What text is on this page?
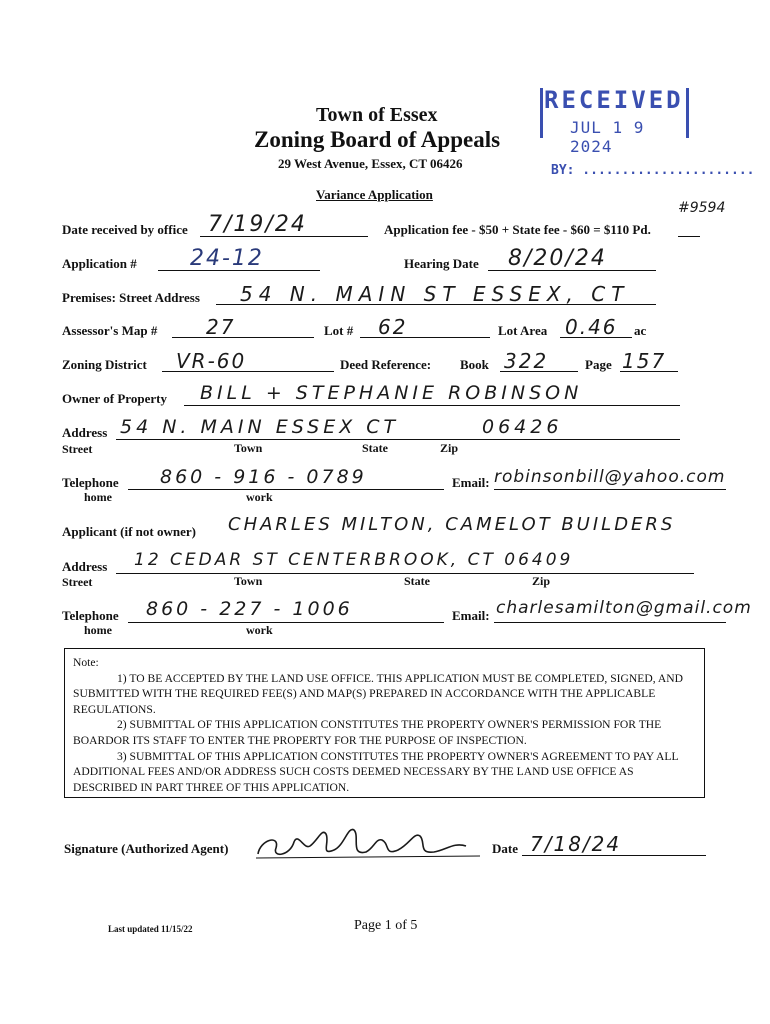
Town of Essex
Zoning Board of Appeals
29 West Avenue, Essex, CT 06426
Variance Application
RECEIVED
JUL 1 9 2024
BY: ......................
Date received by office 7/19/24	Application fee - $50 + State fee - $60 = $110 Pd.
#9594
Application # 24-12	Hearing Date 8/20/24
Premises: Street Address 54 N. MAIN ST ESSEX, CT
Assessor's Map # 27	Lot # 62	Lot Area 0.46 ac
Zoning District VR-60	Deed Reference: Book 322	Page 157
Owner of Property BILL + STEPHANIE ROBINSON
Address 54 N. MAIN ESSEX CT	06426
Street	Town	State	Zip
Telephone 860 - 916 - 0789
home	work
Email: robinsonbill@yahoo.com
Applicant (if not owner) CHARLES MILTON, CAMELOT BUILDERS
Address 12 CEDAR ST CENTERBROOK, CT 06409
Street	Town	State	Zip
Telephone 860 - 227 - 1006
home	work
Email: charlesamilton@gmail.com

Note:

1) TO BE ACCEPTED BY THE LAND USE OFFICE. THIS APPLICATION MUST BE COMPLETED, SIGNED, AND SUBMITTED WITH THE REQUIRED FEE(S) AND MAP(S) PREPARED IN ACCORDANCE WITH THE APPLICABLE REGULATIONS.

2) SUBMITTAL OF THIS APPLICATION CONSTITUTES THE PROPERTY OWNER'S PERMISSION FOR THE BOARDOR ITS STAFF TO ENTER THE PROPERTY FOR THE PURPOSE OF INSPECTION.

3) SUBMITTAL OF THIS APPLICATION CONSTITUTES THE PROPERTY OWNER'S AGREEMENT TO PAY ALL ADDITIONAL FEES AND/OR ADDRESS SUCH COSTS DEEMED NECESSARY BY THE LAND USE OFFICE AS DESCRIBED IN PART THREE OF THIS APPLICATION.

Signature (Authorized Agent)	Date 7/18/24
Last updated 11/15/22	Page 1 of 5
